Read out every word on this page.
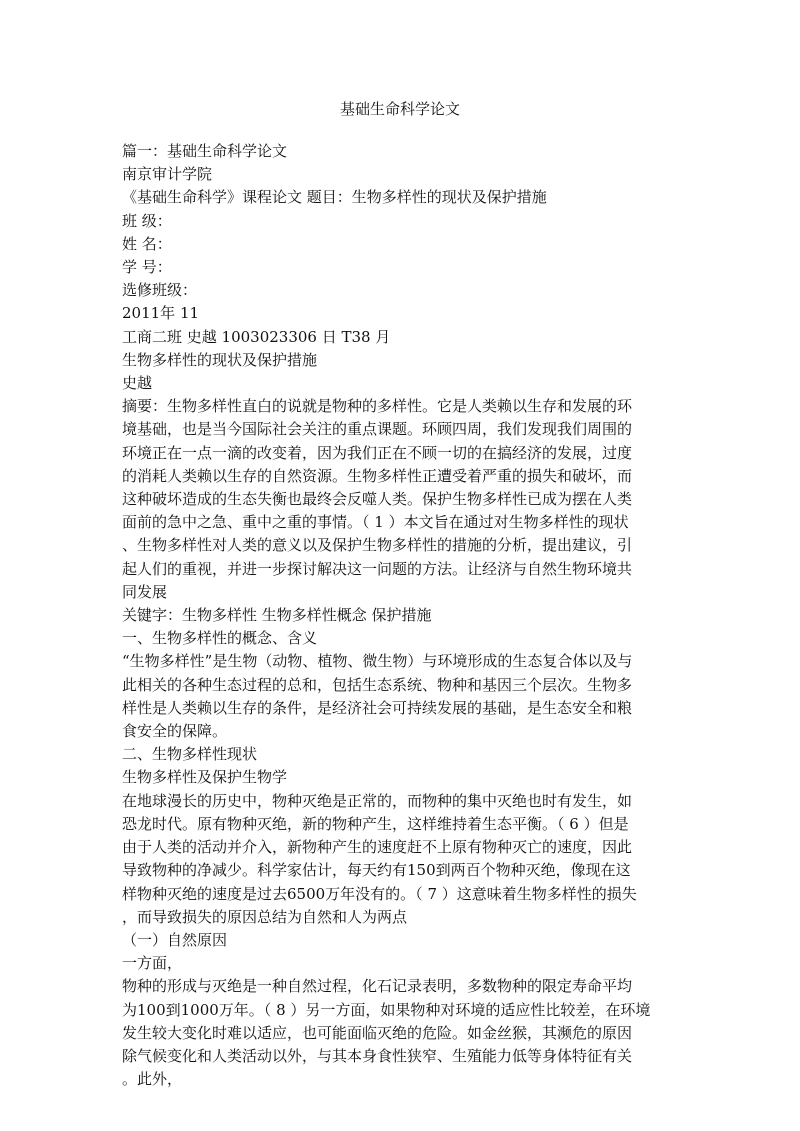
基础生命科学论文
篇一：基础生命科学论文
南京审计学院
《基础生命科学》课程论文 题目：生物多样性的现状及保护措施
班 级：
姓 名：
学 号：
选修班级：
2011年 11
工商二班 史越 1003023306 日 T38 月
生物多样性的现状及保护措施
史越
摘要：生物多样性直白的说就是物种的多样性。它是人类赖以生存和发展的环
境基础，也是当今国际社会关注的重点课题。环顾四周，我们发现我们周围的
环境正在一点一滴的改变着，因为我们正在不顾一切的在搞经济的发展，过度
的消耗人类赖以生存的自然资源。生物多样性正遭受着严重的损失和破坏，而
这种破坏造成的生态失衡也最终会反噬人类。保护生物多样性已成为摆在人类
面前的急中之急、重中之重的事情。（ 1 ）本文旨在通过对生物多样性的现状
、生物多样性对人类的意义以及保护生物多样性的措施的分析，提出建议，引
起人们的重视，并进一步探讨解决这一问题的方法。让经济与自然生物环境共
同发展
关键字：生物多样性 生物多样性概念 保护措施
一、生物多样性的概念、含义
“生物多样性”是生物（动物、植物、微生物）与环境形成的生态复合体以及与
此相关的各种生态过程的总和，包括生态系统、物种和基因三个层次。生物多
样性是人类赖以生存的条件，是经济社会可持续发展的基础，是生态安全和粮
食安全的保障。
二、生物多样性现状
生物多样性及保护生物学
在地球漫长的历史中，物种灭绝是正常的，而物种的集中灭绝也时有发生，如
恐龙时代。原有物种灭绝，新的物种产生，这样维持着生态平衡。（ 6 ）但是
由于人类的活动并介入，新物种产生的速度赶不上原有物种灭亡的速度，因此
导致物种的净减少。科学家估计，每天约有150到两百个物种灭绝，像现在这
样物种灭绝的速度是过去6500万年没有的。（ 7 ）这意味着生物多样性的损失
，而导致损失的原因总结为自然和人为两点
（一）自然原因
一方面，
物种的形成与灭绝是一种自然过程，化石记录表明，多数物种的限定寿命平均
为100到1000万年。（ 8 ）另一方面，如果物种对环境的适应性比较差，在环境
发生较大变化时难以适应，也可能面临灭绝的危险。如金丝猴，其濒危的原因
除气候变化和人类活动以外，与其本身食性狭窄、生殖能力低等身体特征有关
。此外，
